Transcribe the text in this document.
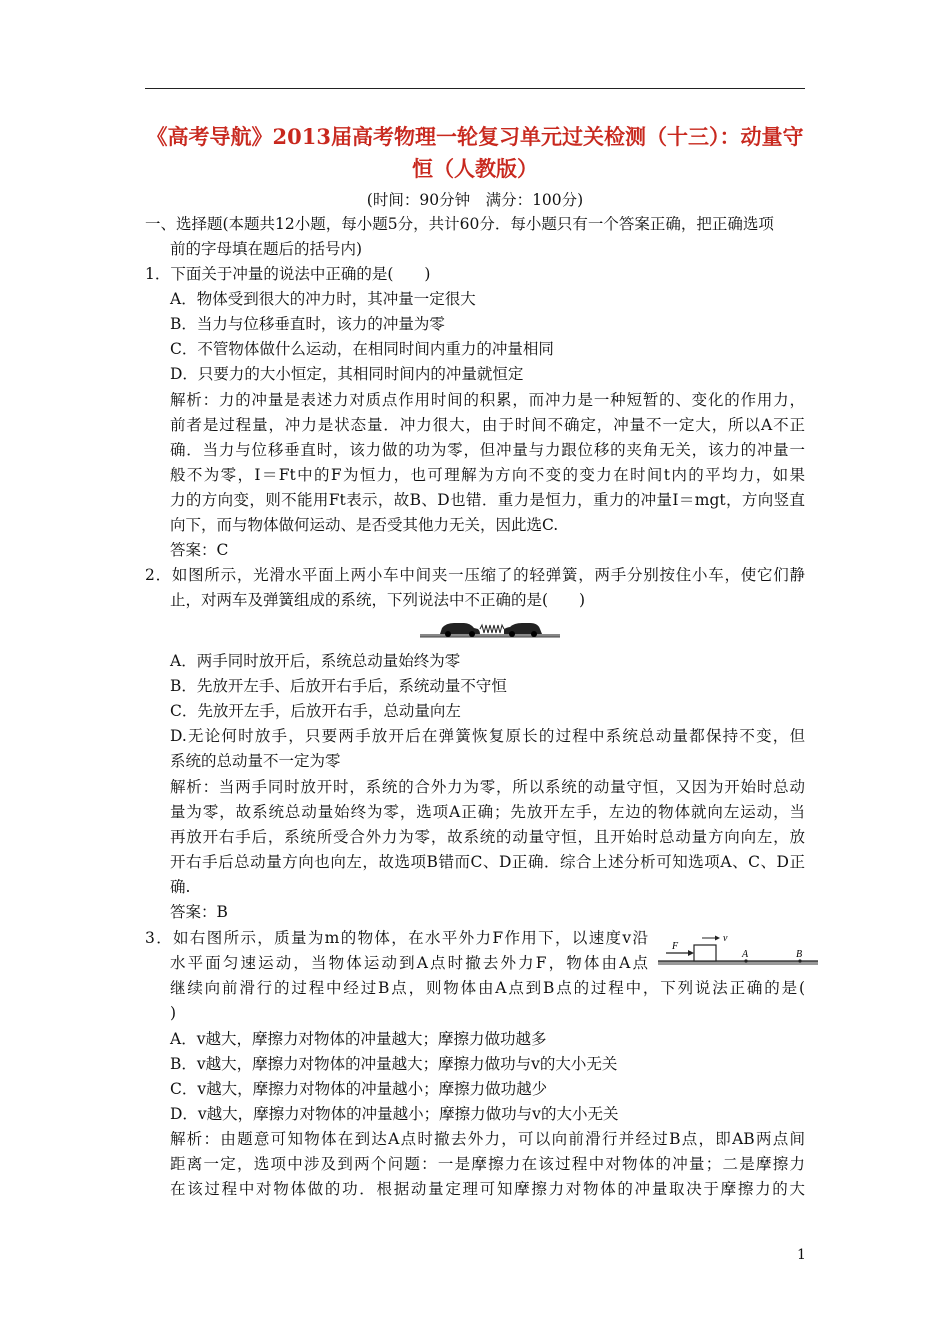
《高考导航》2013届高考物理一轮复习单元过关检测（十三）：动量守

恒（人教版）

(时间：90分钟　满分：100分)

一、选择题(本题共12小题，每小题5分，共计60分．每小题只有一个答案正确，把正确选项

前的字母填在题后的括号内)

1．下面关于冲量的说法中正确的是(　　)

A．物体受到很大的冲力时，其冲量一定很大

B．当力与位移垂直时，该力的冲量为零

C．不管物体做什么运动，在相同时间内重力的冲量相同

D．只要力的大小恒定，其相同时间内的冲量就恒定

解析：力的冲量是表述力对质点作用时间的积累，而冲力是一种短暂的、变化的作用力，

前者是过程量，冲力是状态量．冲力很大，由于时间不确定，冲量不一定大，所以A不正

确．当力与位移垂直时，该力做的功为零，但冲量与力跟位移的夹角无关，该力的冲量一

般不为零，I＝Ft中的F为恒力，也可理解为方向不变的变力在时间t内的平均力，如果

力的方向变，则不能用Ft表示，故B、D也错．重力是恒力，重力的冲量I＝mgt，方向竖直

向下，而与物体做何运动、是否受其他力无关，因此选C.

答案：C

2．如图所示，光滑水平面上两小车中间夹一压缩了的轻弹簧，两手分别按住小车，使它们静

止，对两车及弹簧组成的系统，下列说法中不正确的是(　　)

A．两手同时放开后，系统总动量始终为零

B．先放开左手、后放开右手后，系统动量不守恒

C．先放开左手，后放开右手，总动量向左

D.无论何时放手，只要两手放开后在弹簧恢复原长的过程中系统总动量都保持不变，但

系统的总动量不一定为零

解析：当两手同时放开时，系统的合外力为零，所以系统的动量守恒，又因为开始时总动

量为零，故系统总动量始终为零，选项A正确；先放开左手，左边的物体就向左运动，当

再放开右手后，系统所受合外力为零，故系统的动量守恒，且开始时总动量方向向左，放

开右手后总动量方向也向左，故选项B错而C、D正确．综合上述分析可知选项A、C、D正

确.

答案：B

3．如右图所示，质量为m的物体，在水平外力F作用下，以速度v沿

水平面匀速运动，当物体运动到A点时撤去外力F，物体由A点

继续向前滑行的过程中经过B点，则物体由A点到B点的过程中，下列说法正确的是(

)

F
v
A	B

A．v越大，摩擦力对物体的冲量越大；摩擦力做功越多

B．v越大，摩擦力对物体的冲量越大；摩擦力做功与v的大小无关

C．v越大，摩擦力对物体的冲量越小；摩擦力做功越少

D．v越大，摩擦力对物体的冲量越小；摩擦力做功与v的大小无关

解析：由题意可知物体在到达A点时撤去外力，可以向前滑行并经过B点，即AB两点间

距离一定，选项中涉及到两个问题：一是摩擦力在该过程中对物体的冲量；二是摩擦力

在该过程中对物体做的功．根据动量定理可知摩擦力对物体的冲量取决于摩擦力的大

1
